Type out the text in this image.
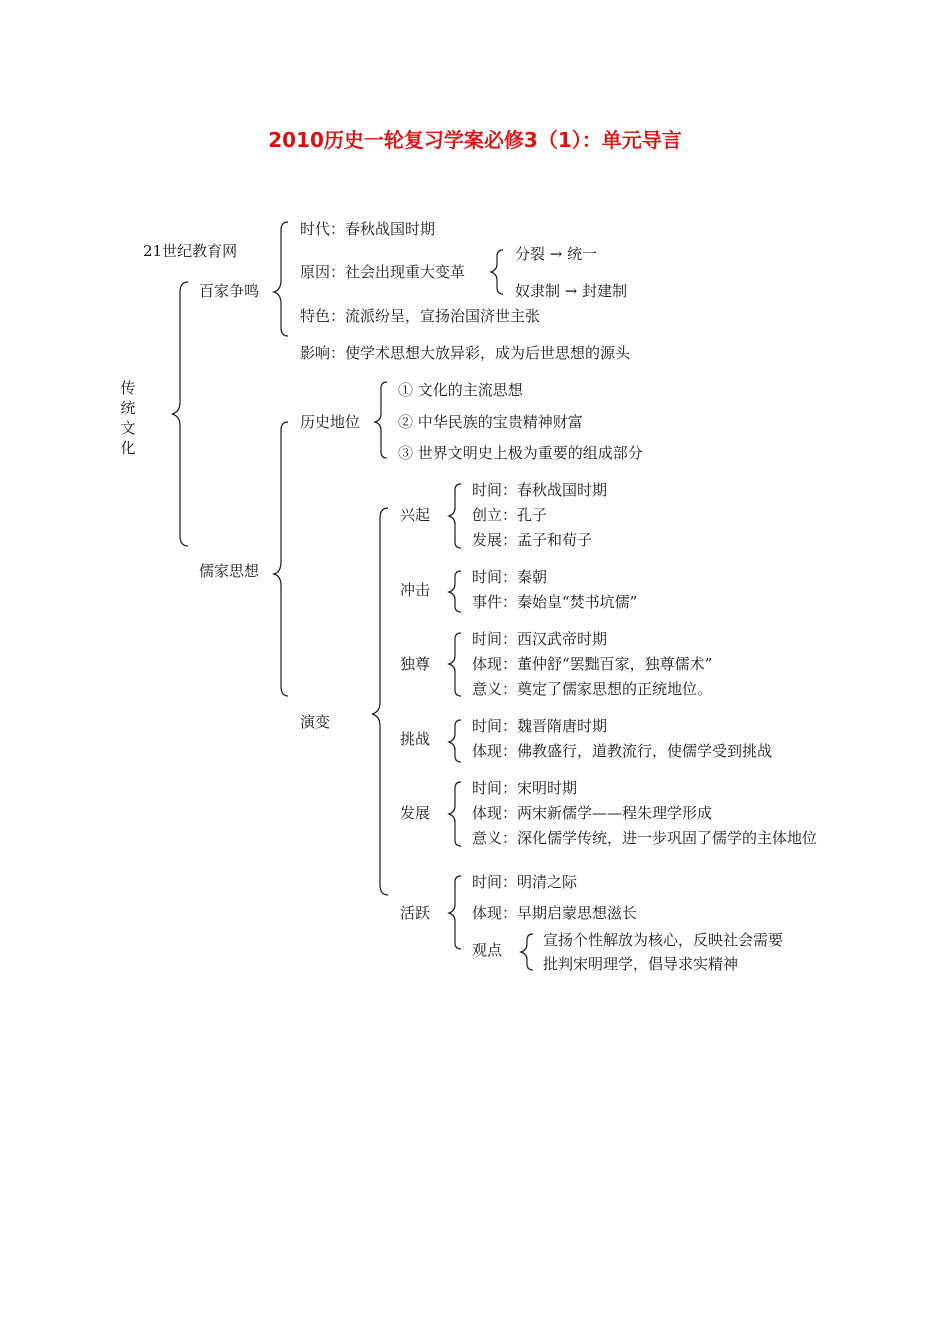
2010历史一轮复习学案必修3（1）：单元导言
21世纪教育网
传统文化
百家争鸣
时代：春秋战国时期
原因：社会出现重大变革
分裂 → 统一
奴隶制 → 封建制
特色：流派纷呈，宣扬治国济世主张
影响：使学术思想大放异彩，成为后世思想的源头
儒家思想
历史地位
① 文化的主流思想
② 中华民族的宝贵精神财富
③ 世界文明史上极为重要的组成部分
演变
兴起
时间：春秋战国时期
创立：孔子
发展：孟子和荀子
冲击
时间：秦朝
事件：秦始皇“焚书坑儒”
独尊
时间：西汉武帝时期
体现：董仲舒“罢黜百家，独尊儒术”
意义：奠定了儒家思想的正统地位。
挑战
时间：魏晋隋唐时期
体现：佛教盛行，道教流行，使儒学受到挑战
发展
时间：宋明时期
体现：两宋新儒学——程朱理学形成
意义：深化儒学传统，进一步巩固了儒学的主体地位
活跃
时间：明清之际
体现：早期启蒙思想滋长
观点
宣扬个性解放为核心，反映社会需要
批判宋明理学，倡导求实精神
